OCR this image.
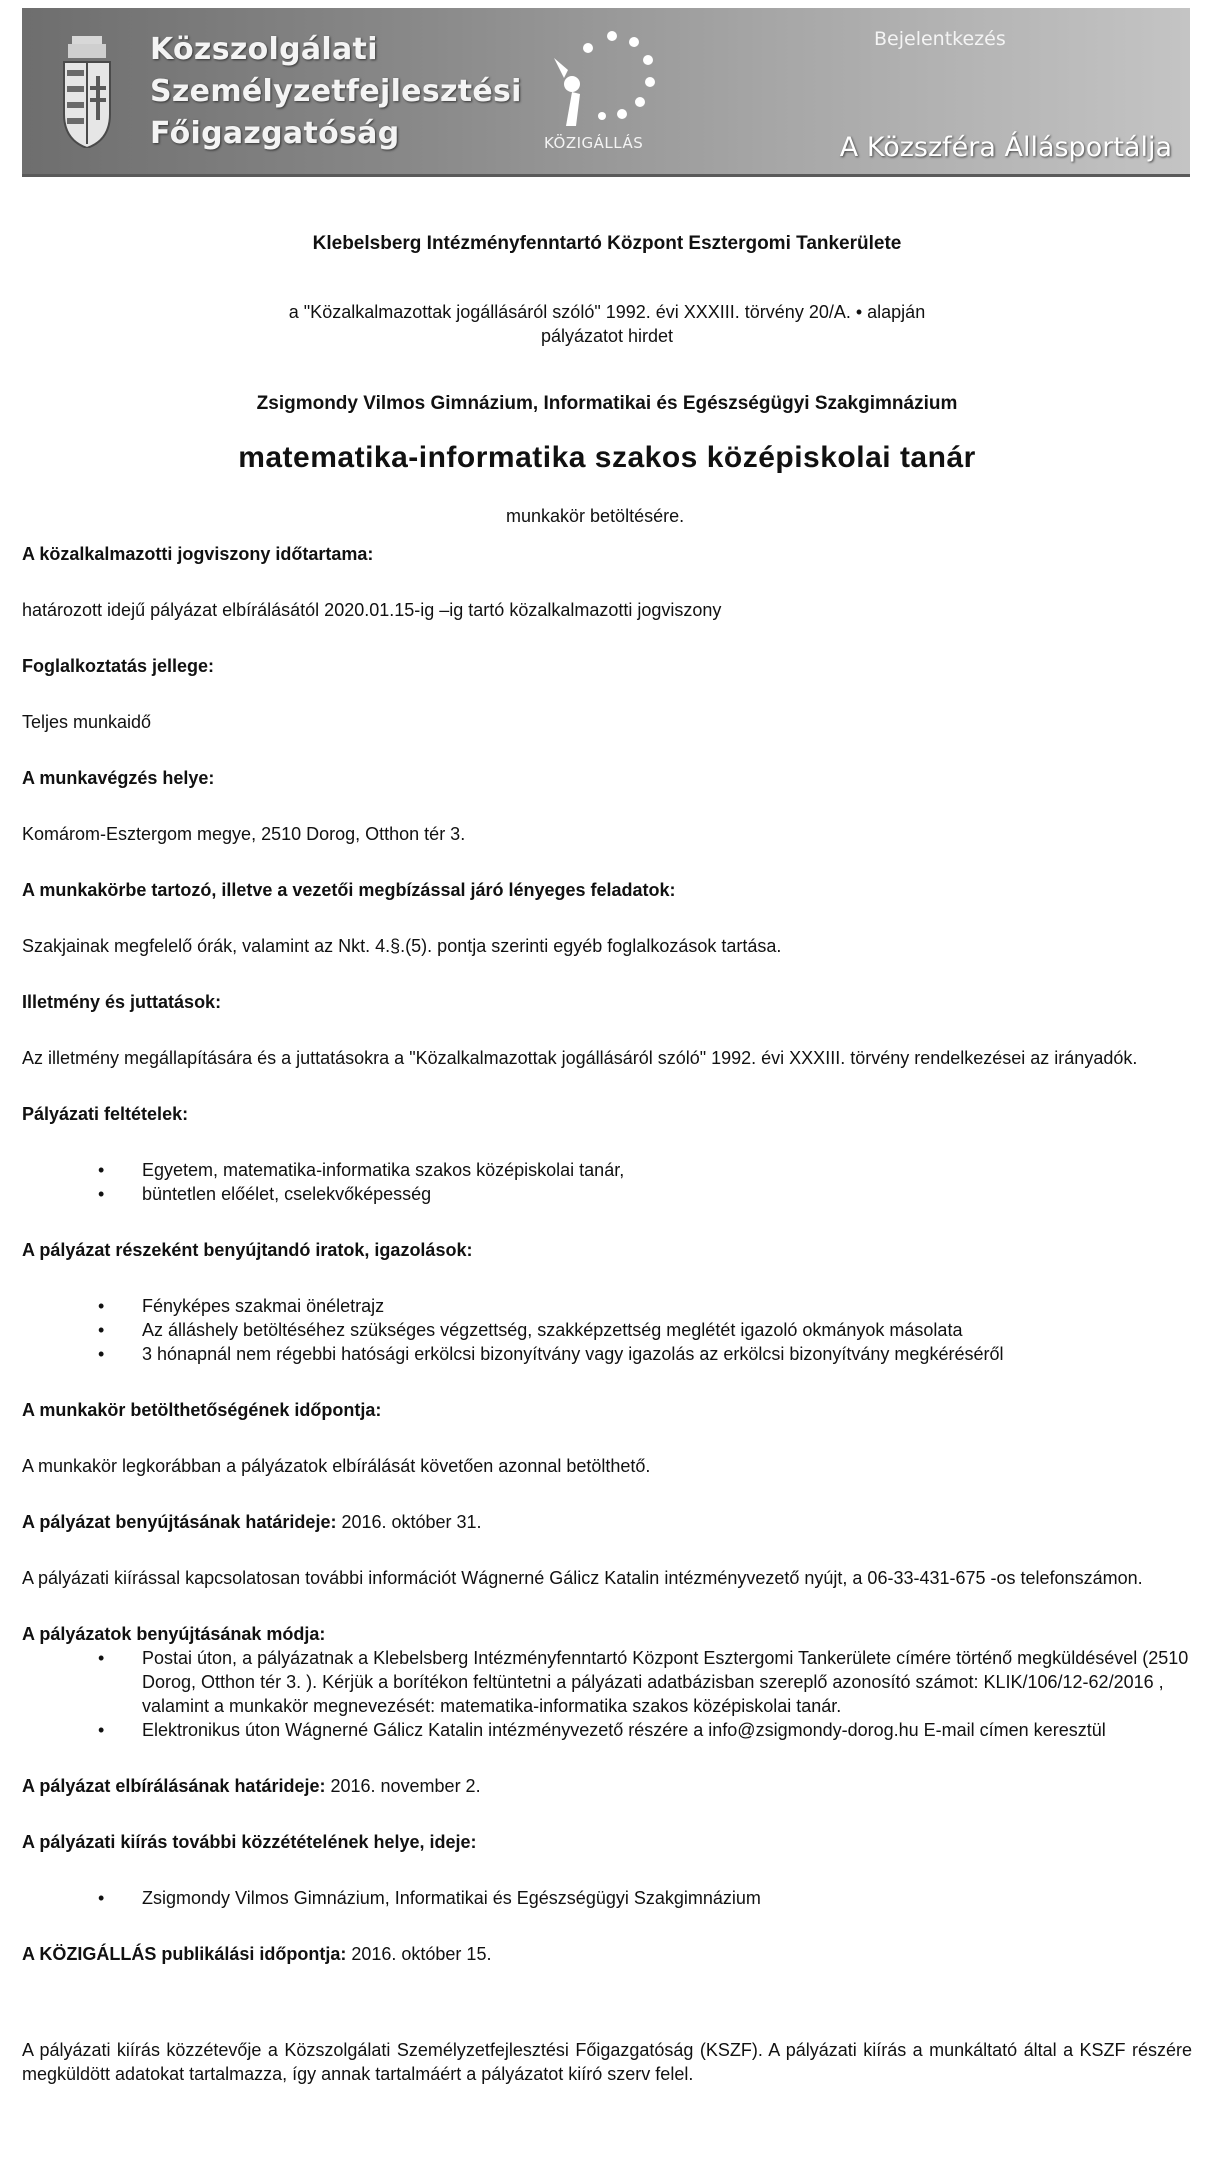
Közszolgálati
Személyzetfejlesztési
Főigazgatóság	KÖZIGÁLLÁS
Bejelentkezés
A Közszféra Állásportálja
Klebelsberg Intézményfenntartó Központ Esztergomi Tankerülete
a "Közalkalmazottak jogállásáról szóló" 1992. évi XXXIII. törvény 20/A. • alapján
pályázatot hirdet
Zsigmondy Vilmos Gimnázium, Informatikai és Egészségügyi Szakgimnázium
matematika-informatika szakos középiskolai tanár
munkakör betöltésére.
A közalkalmazotti jogviszony időtartama:
határozott idejű pályázat elbírálásától 2020.01.15-ig –ig tartó közalkalmazotti jogviszony
Foglalkoztatás jellege:
Teljes munkaidő
A munkavégzés helye:
Komárom-Esztergom megye, 2510 Dorog, Otthon tér 3.
A munkakörbe tartozó, illetve a vezetői megbízással járó lényeges feladatok:
Szakjainak megfelelő órák, valamint az Nkt. 4.§.(5). pontja szerinti egyéb foglalkozások tartása.
Illetmény és juttatások:
Az illetmény megállapítására és a juttatásokra a "Közalkalmazottak jogállásáról szóló" 1992. évi XXXIII. törvény rendelkezései az irányadók.
Pályázati feltételek:
• Egyetem, matematika-informatika szakos középiskolai tanár,
• büntetlen előélet, cselekvőképesség
A pályázat részeként benyújtandó iratok, igazolások:
• Fényképes szakmai önéletrajz
• Az álláshely betöltéséhez szükséges végzettség, szakképzettség meglétét igazoló okmányok másolata
• 3 hónapnál nem régebbi hatósági erkölcsi bizonyítvány vagy igazolás az erkölcsi bizonyítvány megkéréséről
A munkakör betölthetőségének időpontja:
A munkakör legkorábban a pályázatok elbírálását követően azonnal betölthető.
A pályázat benyújtásának határideje: 2016. október 31.
A pályázati kiírással kapcsolatosan további információt Wágnerné Gálicz Katalin intézményvezető nyújt, a 06-33-431-675 -os telefonszámon.
A pályázatok benyújtásának módja:
• Postai úton, a pályázatnak a Klebelsberg Intézményfenntartó Központ Esztergomi Tankerülete címére történő megküldésével (2510 Dorog, Otthon tér 3. ). Kérjük a borítékon feltüntetni a pályázati adatbázisban szereplő azonosító számot: KLIK/106/12-62/2016 , valamint a munkakör megnevezését: matematika-informatika szakos középiskolai tanár.
• Elektronikus úton Wágnerné Gálicz Katalin intézményvezető részére a info@zsigmondy-dorog.hu E-mail címen keresztül
A pályázat elbírálásának határideje: 2016. november 2.
A pályázati kiírás további közzétételének helye, ideje:
• Zsigmondy Vilmos Gimnázium, Informatikai és Egészségügyi Szakgimnázium
A KÖZIGÁLLÁS publikálási időpontja: 2016. október 15.
A pályázati kiírás közzétevője a Közszolgálati Személyzetfejlesztési Főigazgatóság (KSZF). A pályázati kiírás a munkáltató által a KSZF részére megküldött adatokat tartalmazza, így annak tartalmáért a pályázatot kiíró szerv felel.
